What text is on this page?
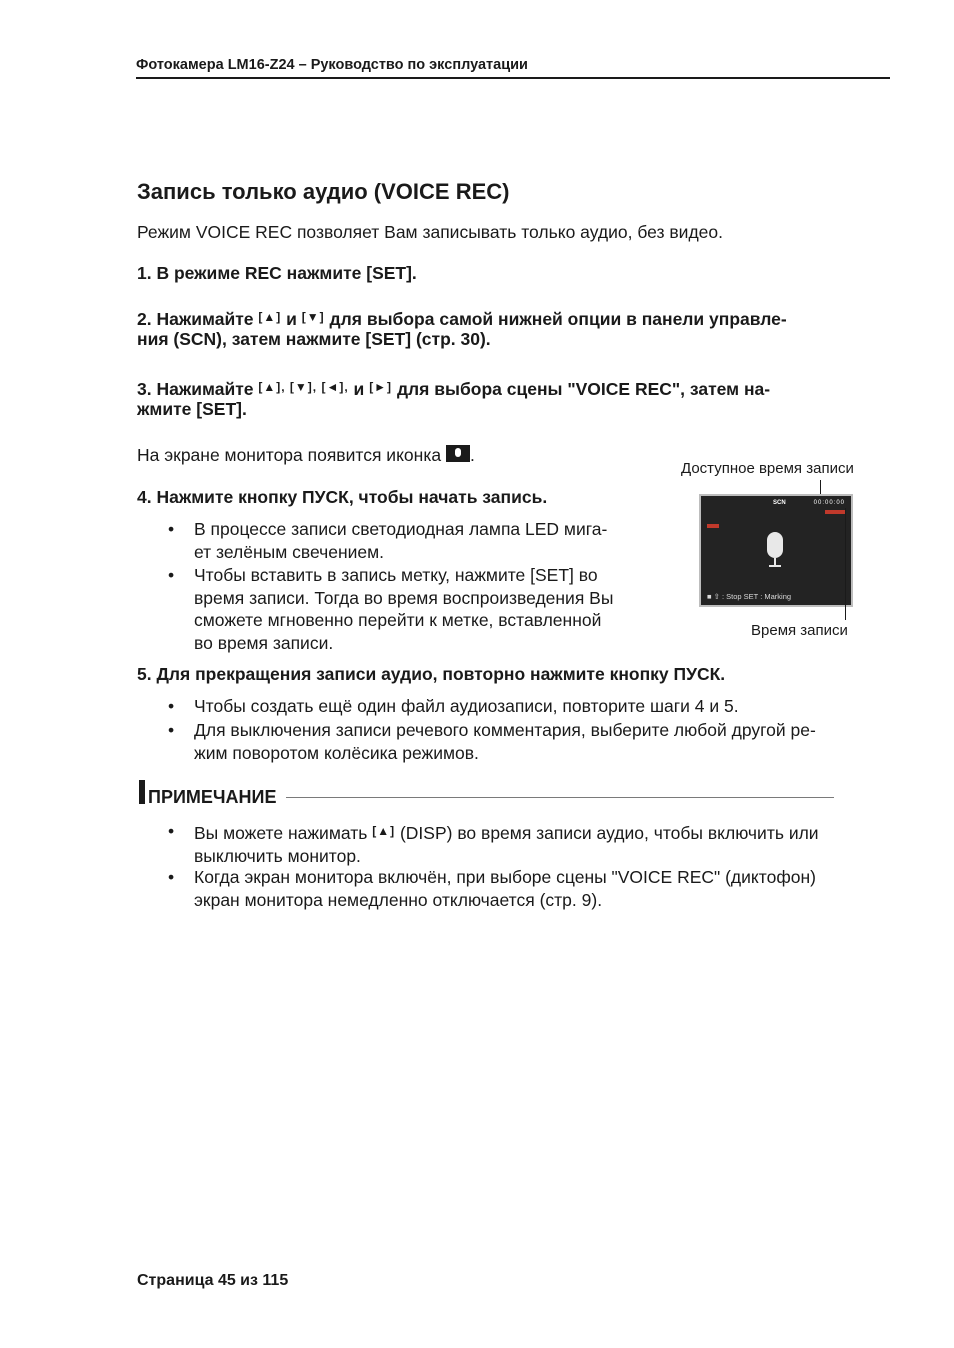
Фотокамера LM16-Z24 – Руководство по эксплуатации
Запись только аудио (VOICE REC)
Режим VOICE REC позволяет Вам записывать только аудио, без видео.
1. В режиме REC нажмите [SET].
2. Нажимайте [▲] и [▼] для выбора самой нижней опции в панели управле-
ния (SCN), затем нажмите [SET] (стр. 30).
3. Нажимайте [▲], [▼], [◄], и [►] для выбора сцены "VOICE REC", затем на-
жмите [SET].
На экране монитора появится иконка .
4. Нажмите кнопку ПУСК, чтобы начать запись.
• В процессе записи светодиодная лампа LED мига-
ет зелёным свечением.
• Чтобы вставить в запись метку, нажмите [SET] во
время записи. Тогда во время воспроизведения Вы
сможете мгновенно перейти к метке, вставленной
во время записи.
Доступное время записи
SCN	00:00:00
■ ⇧ : Stop SET : Marking
Время записи
5. Для прекращения записи аудио, повторно нажмите кнопку ПУСК.
• Чтобы создать ещё один файл аудиозаписи, повторите шаги 4 и 5.
• Для выключения записи речевого комментария, выберите любой другой ре-
жим поворотом колёсика режимов.
ПРИМЕЧАНИЕ
• Вы можете нажимать [▲] (DISP) во время записи аудио, чтобы включить или
выключить монитор.
• Когда экран монитора включён, при выборе сцены "VOICE REC" (диктофон)
экран монитора немедленно отключается (стр. 9).
Страница 45 из 115
